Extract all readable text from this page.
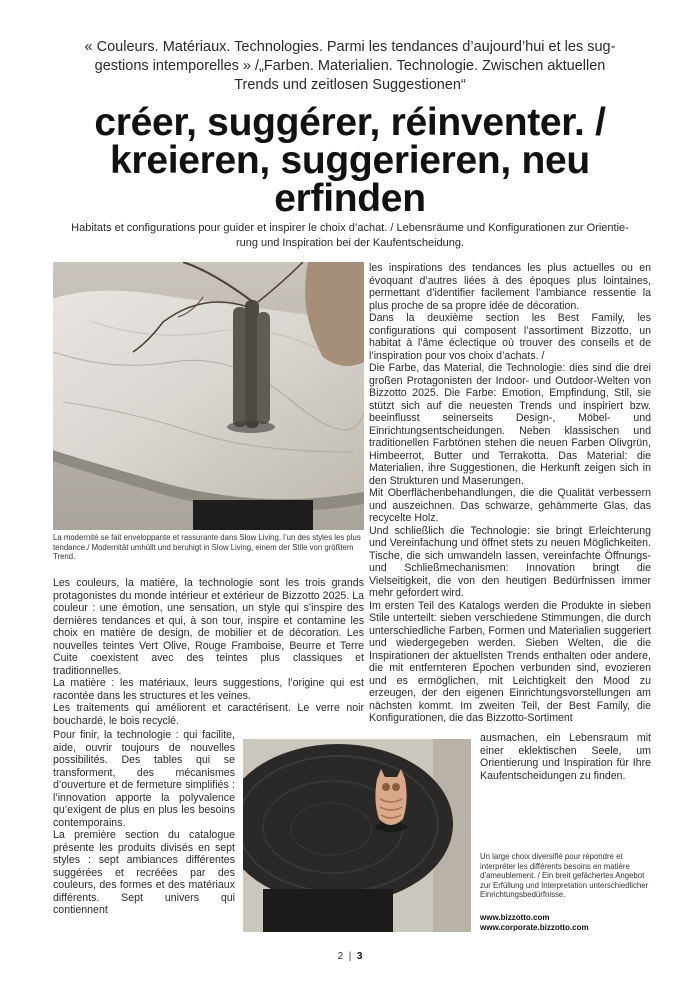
« Couleurs. Matériaux. Technologies. Parmi les tendances d’aujourd’hui et les sug-
gestions intemporelles » /„Farben. Materialien. Technologie. Zwischen aktuellen
Trends und zeitlosen Suggestionen“
créer, suggérer, réinventer. /
kreieren, suggerieren, neu
erfinden
Habitats et configurations pour guider et inspirer le choix d’achat. / Lebensräume und Konfigurationen zur Orientie-
rung und Inspiration bei der Kaufentscheidung.
La modernité se fait enveloppante et rassurante dans Slow Living, l’un des styles les plus tendance./ Modernität umhüllt und beruhigt in Slow Living, einem der Stile von größtem Trend.

Les couleurs, la matière, la technologie sont les trois grands protagonistes du monde intérieur et extérieur de Bizzotto 2025. La couleur : une émotion, une sensation, un style qui s’inspire des dernières tendances et qui, à son tour, inspire et contamine les choix en matière de design, de mobilier et de décoration. Les nouvelles teintes Vert Olive, Rouge Framboise, Beurre et Terre Cuite coexistent avec des teintes plus classiques et traditionnelles.

La matière : les matériaux, leurs suggestions, l’origine qui est racontée dans les structures et les veines.

Les traitements qui améliorent et caractérisent. Le verre noir bouchardé, le bois recyclé.

Pour finir, la technologie : qui facilite, aide, ouvrir toujours de nouvelles possibilités. Des tables qui se transforment, des mécanismes d’ouverture et de fermeture simplifiés : l’innovation apporte la polyvalence qu’exigent de plus en plus les besoins contemporains.

La première section du catalogue présente les produits divisés en sept styles : sept ambiances différentes suggérées et recréées par des couleurs, des formes et des matériaux différents. Sept univers qui contiennent

les inspirations des tendances les plus actuelles ou en évoquant d’autres liées à des époques plus lointaines, permettant d’identifier facilement l’ambiance ressentie la plus proche de sa propre idée de décoration.

Dans la deuxième section les Best Family, les configurations qui composent l’assortiment Bizzotto, un habitat à l’âme éclectique où trouver des conseils et de l’inspiration pour vos choix d’achats. /

Die Farbe, das Material, die Technologie: dies sind die drei großen Protagonisten der Indoor- und Outdoor-Welten von Bizzotto 2025. Die Farbe: Emotion, Empfindung, Stil, sie stützt sich auf die neuesten Trends und inspiriert bzw. beeinflusst seinerseits Design-, Möbel- und Einrichtungsentscheidungen. Neben klassischen und traditionellen Farbtönen stehen die neuen Farben Olivgrün, Himbeerrot, Butter und Terrakotta. Das Material: die Materialien, ihre Suggestionen, die Herkunft zeigen sich in den Strukturen und Maserungen.

Mit Oberflächenbehandlungen, die die Qualität verbessern und auszeichnen. Das schwarze, gehämmerte Glas, das recycelte Holz.

Und schließlich die Technologie: sie bringt Erleichterung und Vereinfachung und öffnet stets zu neuen Möglichkeiten. Tische, die sich umwandeln lassen, vereinfachte Öffnungs- und Schließmechanismen: Innovation bringt die Vielseitigkeit, die von den heutigen Bedürfnissen immer mehr gefordert wird.

Im ersten Teil des Katalogs werden die Produkte in sieben Stile unterteilt: sieben verschiedene Stimmungen, die durch unterschiedliche Farben, Formen und Materialien suggeriert und wiedergegeben werden. Sieben Welten, die die Inspirationen der aktuellsten Trends enthalten oder andere, die mit entfernteren Epochen verbunden sind, evozieren und es ermöglichen, mit Leichtigkeit den Mood zu erzeugen, der den eigenen Einrichtungsvorstellungen am nächsten kommt. Im zweiten Teil, der Best Family, die Konfigurationen, die das Bizzotto-Sortiment

ausmachen, ein Lebensraum mit einer eklektischen Seele, um Orientierung und Inspiration für Ihre Kaufentscheidungen zu finden.
Un large choix diversifié pour répondre et interpréter les différents besoins en matière d’ameublement. / Ein breit gefächertes Angebot zur Erfüllung und Interpretation unterschiedlicher Einrichtungsbedürfnisse.
www.bizzotto.com
www.corporate.bizzotto.com
2 | 3
